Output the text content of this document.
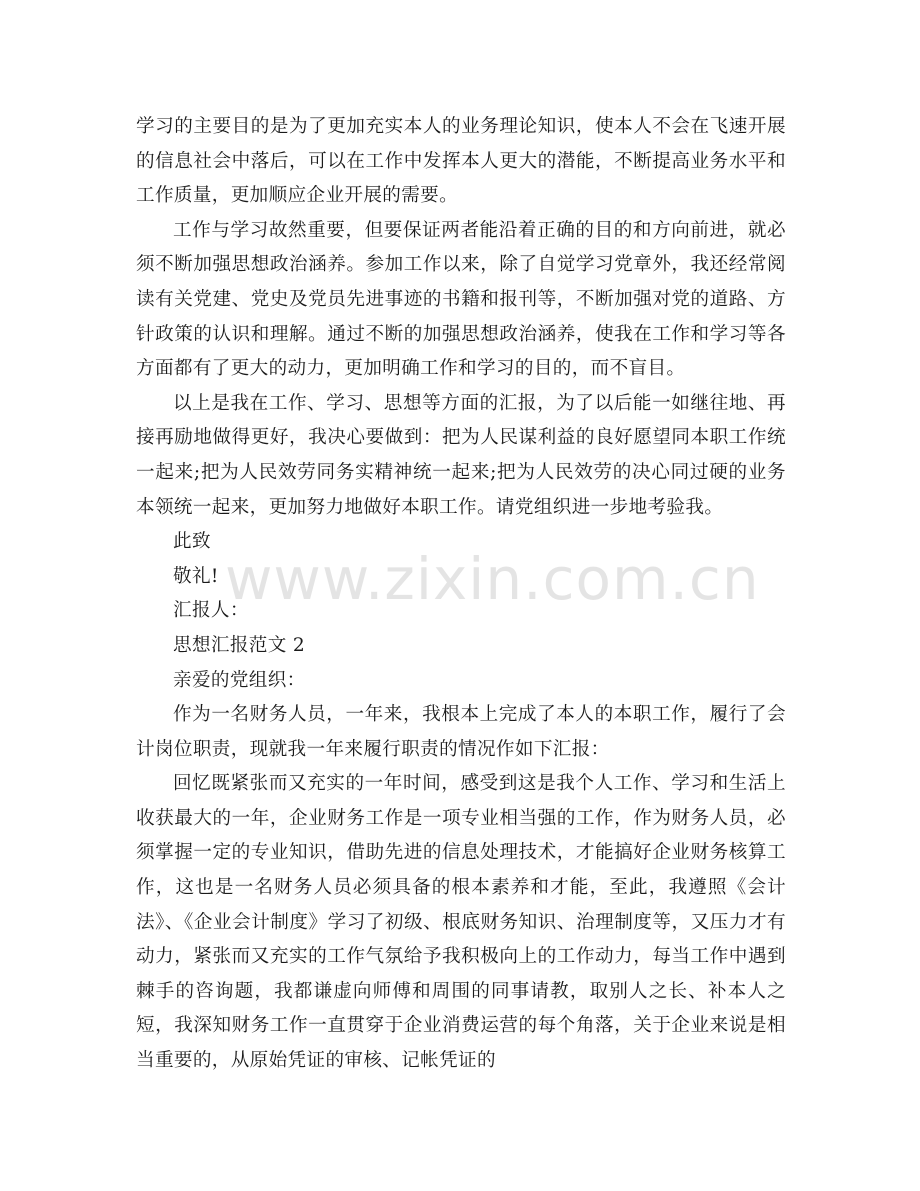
学习的主要目的是为了更加充实本人的业务理论知识，使本人不会在飞速开展的信息社会中落后，可以在工作中发挥本人更大的潜能，不断提高业务水平和工作质量，更加顺应企业开展的需要。

工作与学习故然重要，但要保证两者能沿着正确的目的和方向前进，就必须不断加强思想政治涵养。参加工作以来，除了自觉学习党章外，我还经常阅读有关党建、党史及党员先进事迹的书籍和报刊等，不断加强对党的道路、方针政策的认识和理解。通过不断的加强思想政治涵养，使我在工作和学习等各方面都有了更大的动力，更加明确工作和学习的目的，而不盲目。

以上是我在工作、学习、思想等方面的汇报，为了以后能一如继往地、再接再励地做得更好，我决心要做到：把为人民谋利益的良好愿望同本职工作统一起来;把为人民效劳同务实精神统一起来;把为人民效劳的决心同过硬的业务本领统一起来，更加努力地做好本职工作。请党组织进一步地考验我。

此致

敬礼!

汇报人：

思想汇报范文 2

亲爱的党组织：

作为一名财务人员，一年来，我根本上完成了本人的本职工作，履行了会计岗位职责，现就我一年来履行职责的情况作如下汇报：

回忆既紧张而又充实的一年时间，感受到这是我个人工作、学习和生活上收获最大的一年，企业财务工作是一项专业相当强的工作，作为财务人员，必须掌握一定的专业知识，借助先进的信息处理技术，才能搞好企业财务核算工作，这也是一名财务人员必须具备的根本素养和才能，至此，我遵照《会计法》、《企业会计制度》学习了初级、根底财务知识、治理制度等，又压力才有动力，紧张而又充实的工作气氛给予我积极向上的工作动力，每当工作中遇到棘手的咨询题，我都谦虚向师傅和周围的同事请教，取别人之长、补本人之短，我深知财务工作一直贯穿于企业消费运营的每个角落，关于企业来说是相当重要的，从原始凭证的审核、记帐凭证的

www.zixin.com.cn
